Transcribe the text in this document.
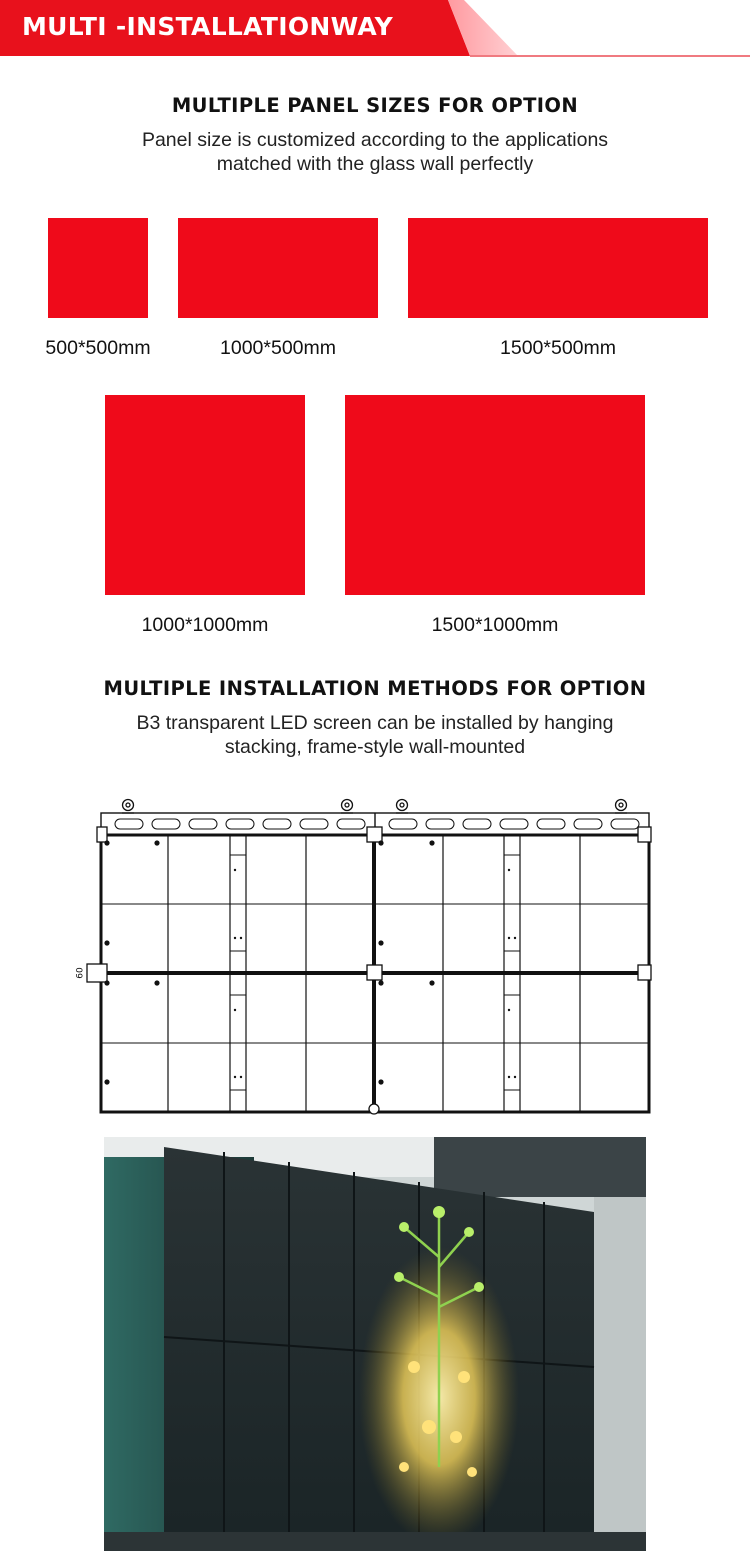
MULTI -INSTALLATIONWAY
MULTIPLE PANEL SIZES FOR OPTION
Panel size is customized according to the applications
matched with the glass wall perfectly
500*500mm	1000*500mm	1500*500mm
1000*1000mm	1500*1000mm
MULTIPLE INSTALLATION METHODS FOR OPTION
B3 transparent LED screen can be installed by hanging
stacking, frame-style wall-mounted
60
